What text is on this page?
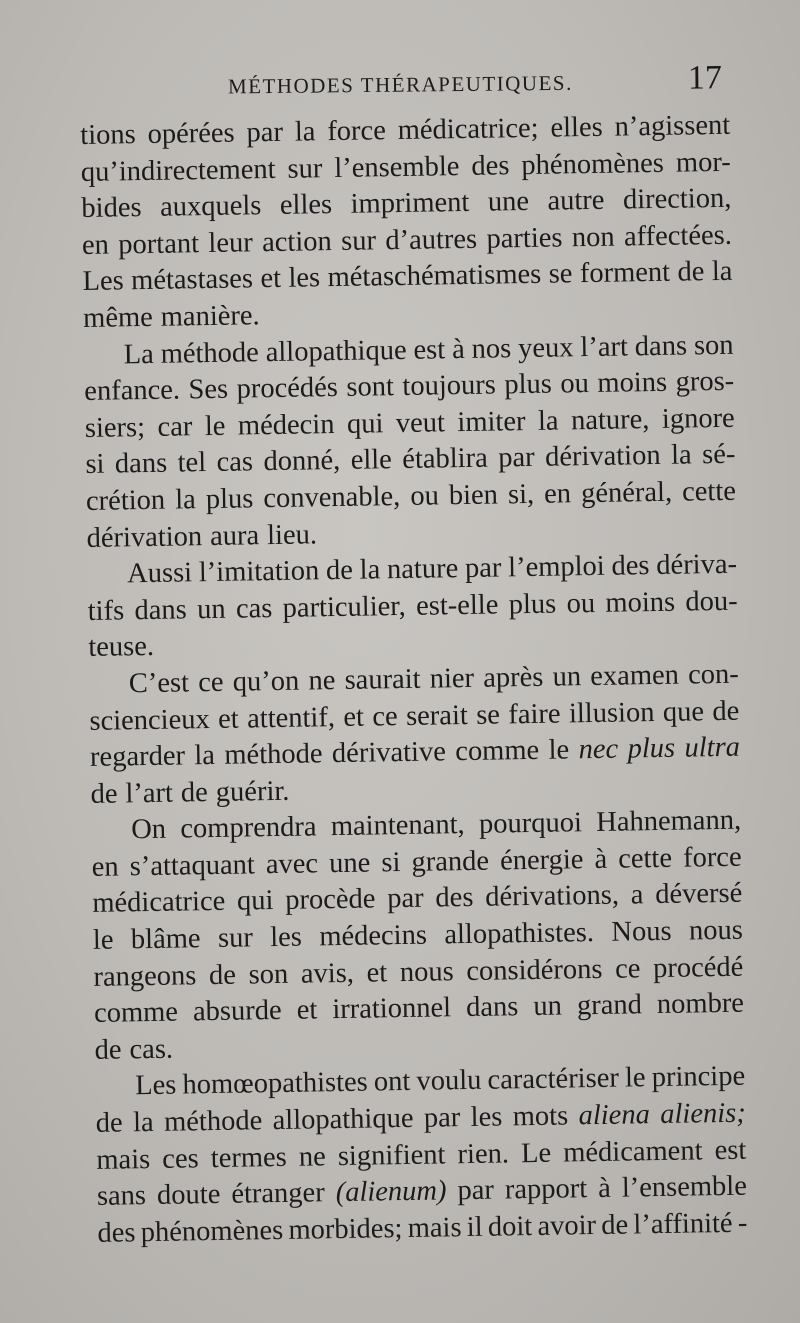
MÉTHODES THÉRAPEUTIQUES.	17
tions opérées par la force médicatrice; elles n’agissent
qu’indirectement sur l’ensemble des phénomènes mor-
bides auxquels elles impriment une autre direction,
en portant leur action sur d’autres parties non affectées.
Les métastases et les métaschématismes se forment de la
même manière.
La méthode allopathique est à nos yeux l’art dans son
enfance. Ses procédés sont toujours plus ou moins gros-
siers; car le médecin qui veut imiter la nature, ignore
si dans tel cas donné, elle établira par dérivation la sé-
crétion la plus convenable, ou bien si, en général, cette
dérivation aura lieu.
Aussi l’imitation de la nature par l’emploi des dériva-
tifs dans un cas particulier, est-elle plus ou moins dou-
teuse.
C’est ce qu’on ne saurait nier après un examen con-
sciencieux et attentif, et ce serait se faire illusion que de
regarder la méthode dérivative comme le nec plus ultra
de l’art de guérir.
On comprendra maintenant, pourquoi Hahnemann,
en s’attaquant avec une si grande énergie à cette force
médicatrice qui procède par des dérivations, a déversé
le blâme sur les médecins allopathistes. Nous nous
rangeons de son avis, et nous considérons ce procédé
comme absurde et irrationnel dans un grand nombre
de cas.
Les homœopathistes ont voulu caractériser le principe
de la méthode allopathique par les mots aliena alienis;
mais ces termes ne signifient rien. Le médicament est
sans doute étranger (alienum) par rapport à l’ensemble
des phénomènes morbides; mais il doit avoir de l’affinité -
